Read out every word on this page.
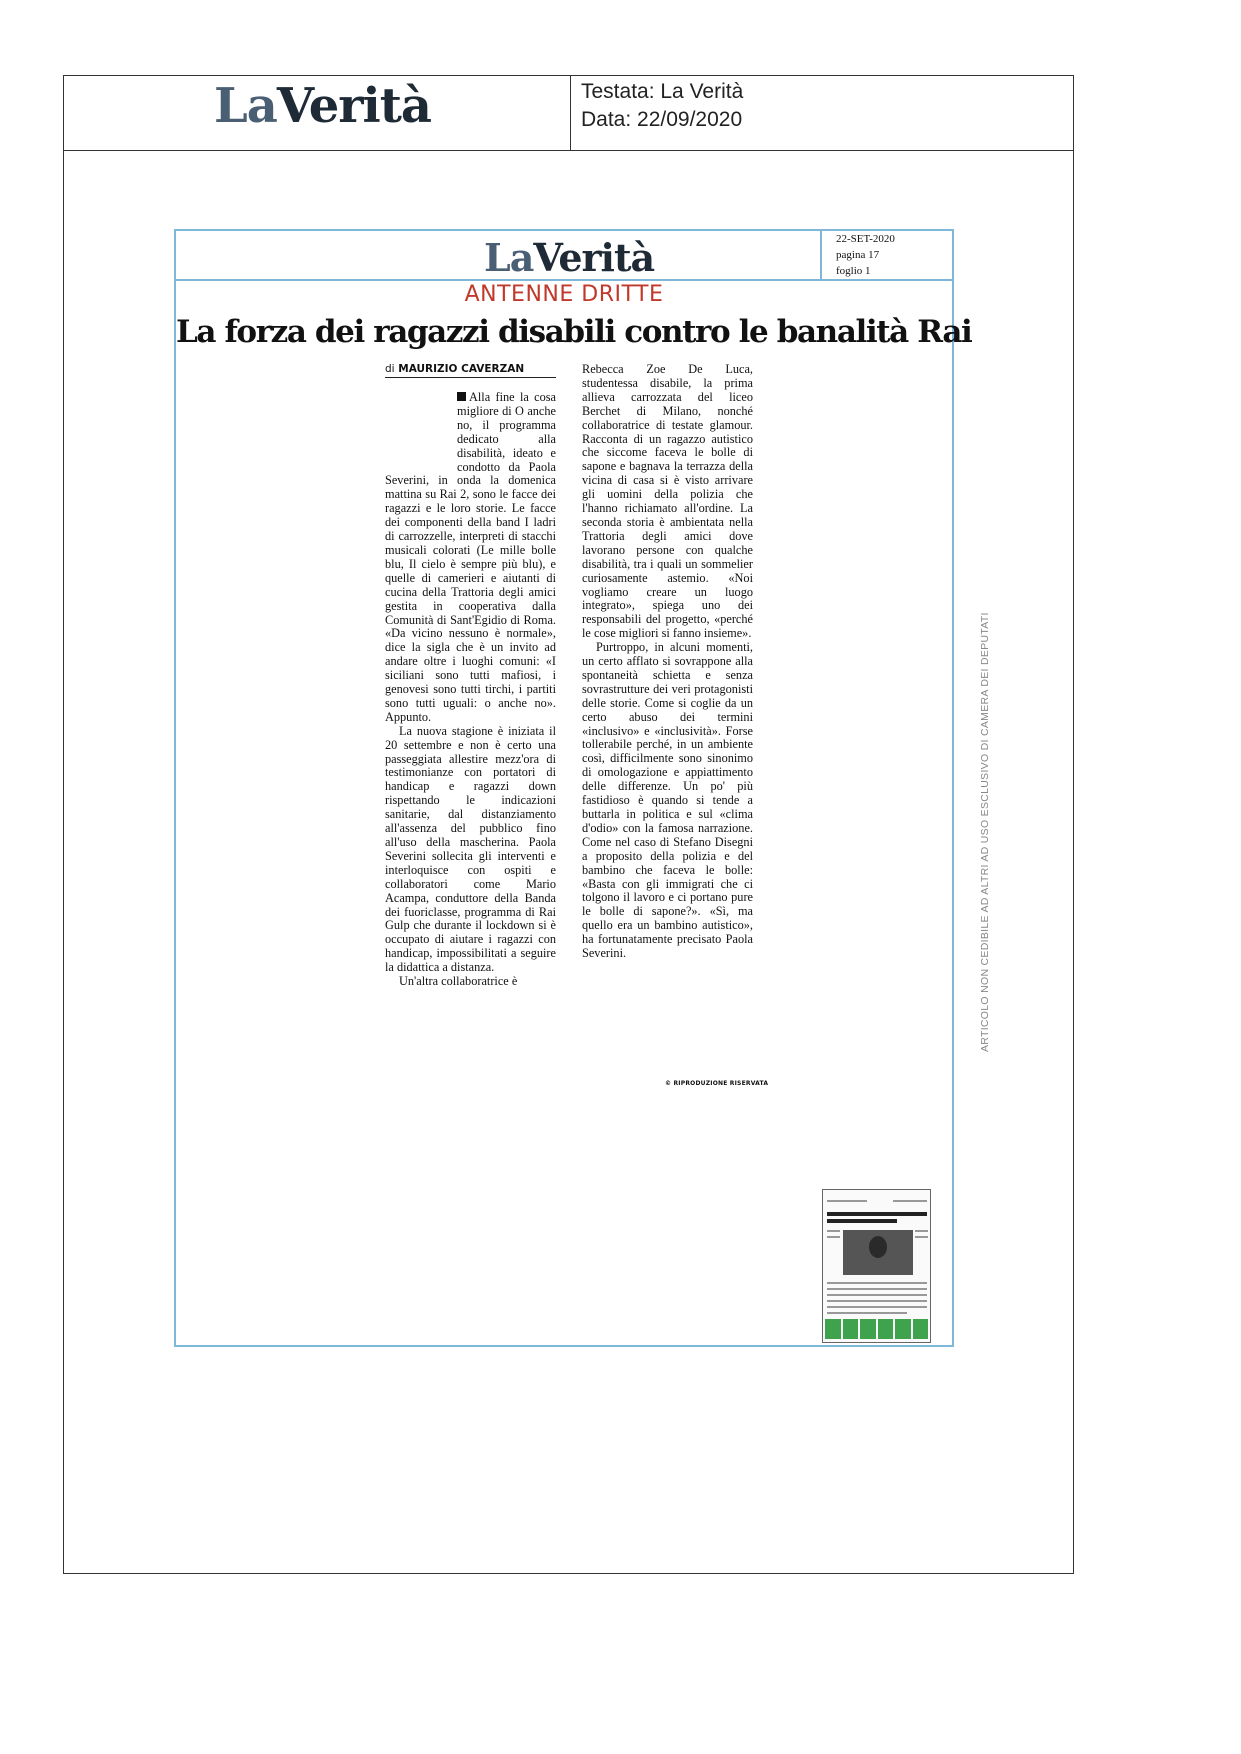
LaVerità	Testata: La Verità
Data: 22/09/2020
LaVerità	22-SET-2020
pagina 17
foglio 1
ANTENNE DRITTE
La forza dei ragazzi disabili contro le banalità Rai
di MAURIZIO CAVERZAN

Alla fine la cosa migliore di O anche no, il programma dedicato alla disabilità, ideato e condotto da Paola Severini, in onda la domenica mattina su Rai 2, sono le facce dei ragazzi e le loro storie. Le facce dei componenti della band I ladri di carrozzelle, interpreti di stacchi musicali colorati (Le mille bolle blu, Il cielo è sempre più blu), e quelle di camerieri e aiutanti di cucina della Trattoria degli amici gestita in cooperativa dalla Comunità di Sant'Egidio di Roma. «Da vicino nessuno è normale», dice la sigla che è un invito ad andare oltre i luoghi comuni: «I siciliani sono tutti mafiosi, i genovesi sono tutti tirchi, i partiti sono tutti uguali: o anche no». Appunto.

La nuova stagione è iniziata il 20 settembre e non è certo una passeggiata allestire mezz'ora di testimonianze con portatori di handicap e ragazzi down rispettando le indicazioni sanitarie, dal distanziamento all'assenza del pubblico fino all'uso della mascherina. Paola Severini sollecita gli interventi e interloquisce con ospiti e collaboratori come Mario Acampa, conduttore della Banda dei fuoriclasse, programma di Rai Gulp che durante il lockdown si è occupato di aiutare i ragazzi con handicap, impossibilitati a seguire la didattica a distanza.

Un'altra collaboratrice è

Rebecca Zoe De Luca, studentessa disabile, la prima allieva carrozzata del liceo Berchet di Milano, nonché collaboratrice di testate glamour. Racconta di un ragazzo autistico che siccome faceva le bolle di sapone e bagnava la terrazza della vicina di casa si è visto arrivare gli uomini della polizia che l'hanno richiamato all'ordine. La seconda storia è ambientata nella Trattoria degli amici dove lavorano persone con qualche disabilità, tra i quali un sommelier curiosamente astemio. «Noi vogliamo creare un luogo integrato», spiega uno dei responsabili del progetto, «perché le cose migliori si fanno insieme».

Purtroppo, in alcuni momenti, un certo afflato si sovrappone alla spontaneità schietta e senza sovrastrutture dei veri protagonisti delle storie. Come si coglie da un certo abuso dei termini «inclusivo» e «inclusività». Forse tollerabile perché, in un ambiente così, difficilmente sono sinonimo di omologazione e appiattimento delle differenze. Un po' più fastidioso è quando si tende a buttarla in politica e sul «clima d'odio» con la famosa narrazione. Come nel caso di Stefano Disegni a proposito della polizia e del bambino che faceva le bolle: «Basta con gli immigrati che ci tolgono il lavoro e ci portano pure le bolle di sapone?». «Sì, ma quello era un bambino autistico», ha fortunatamente precisato Paola Severini.

© RIPRODUZIONE RISERVATA
ARTICOLO NON CEDIBILE AD ALTRI AD USO ESCLUSIVO DI CAMERA DEI DEPUTATI
